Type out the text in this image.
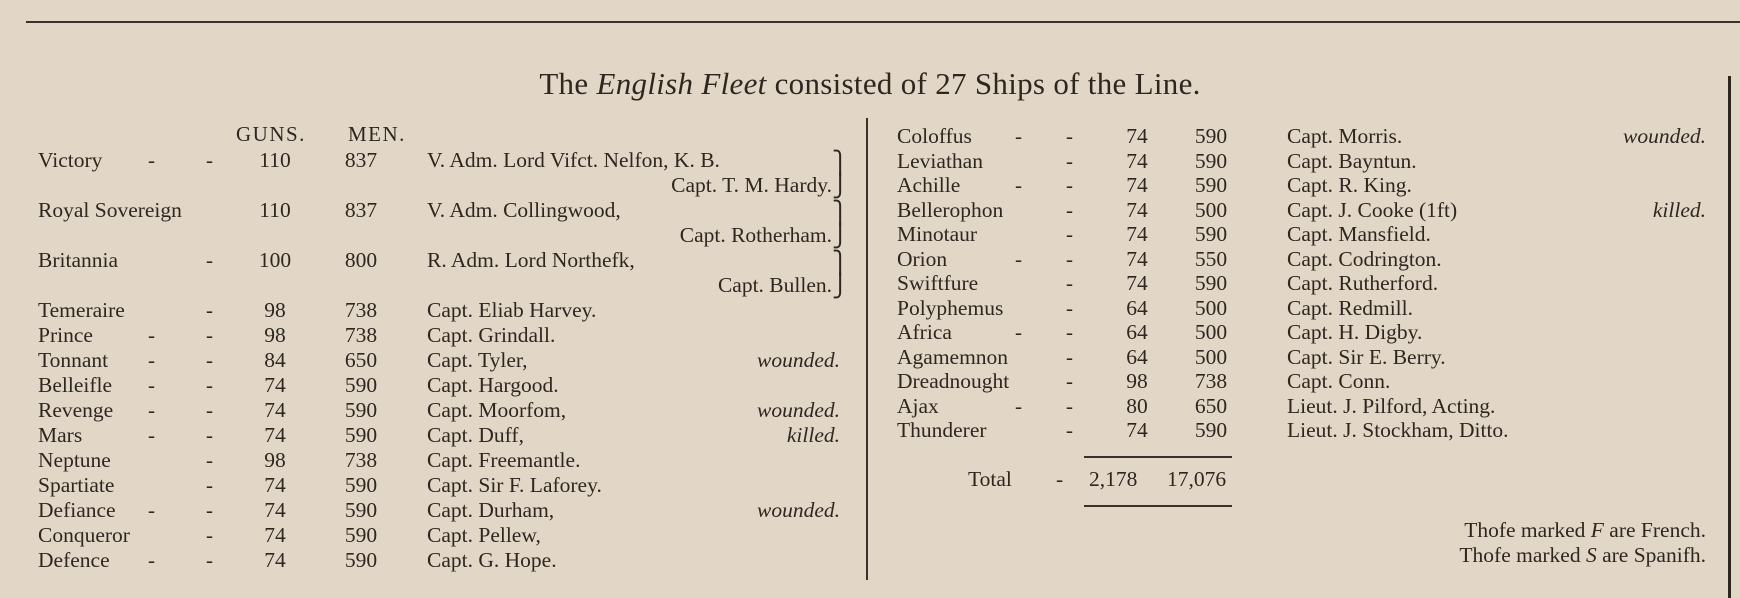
The English Fleet consisted of 27 Ships of the Line.
GUNS. MEN.
Victory - -	110	837	V. Adm. Lord Vifct. Nelfon, K. B.
Capt. T. M. Hardy.
⎫
⎭
Royal Sovereign	110	837	V. Adm. Collingwood,
Capt. Rotherham.
⎫
⎭
Britannia	-	100	800	R. Adm. Lord Northefk,
Capt. Bullen.
⎫
⎭
Temeraire	-	98	738	Capt. Eliab Harvey.
Prince	- -	98	738	Capt. Grindall.
Tonnant - -	84	650	Capt. Tyler,	wounded.
Belleifle - -	74	590	Capt. Hargood.
Revenge - -	74	590	Capt. Moorfom,	wounded.
Mars	- -	74	590	Capt. Duff,	killed.
Neptune	-	98	738	Capt. Freemantle.
Spartiate	-	74	590	Capt. Sir F. Laforey.
Defiance - -	74	590	Capt. Durham,	wounded.
Conqueror	-	74	590	Capt. Pellew,
Defence - -	74	590	Capt. G. Hope.
Coloffus - -	74	590	Capt. Morris.	wounded.
Leviathan	-	74	590	Capt. Bayntun.
Achille	- -	74	590	Capt. R. King.
Bellerophon	-	74	500	Capt. J. Cooke (1ft)	killed.
Minotaur	-	74	590	Capt. Mansfield.
Orion	- -	74	550	Capt. Codrington.
Swiftfure	-	74	590	Capt. Rutherford.
Polyphemus	-	64	500	Capt. Redmill.
Africa	- -	64	500	Capt. H. Digby.
Agamemnon	-	64	500	Capt. Sir E. Berry.
Dreadnought	-	98	738	Capt. Conn.
Ajax	- -	80	650	Lieut. J. Pilford, Acting.
Thunderer	-	74	590	Lieut. J. Stockham, Ditto.
Total - 2,178 17,076
Thofe marked F are French.
Thofe marked S are Spanifh.
